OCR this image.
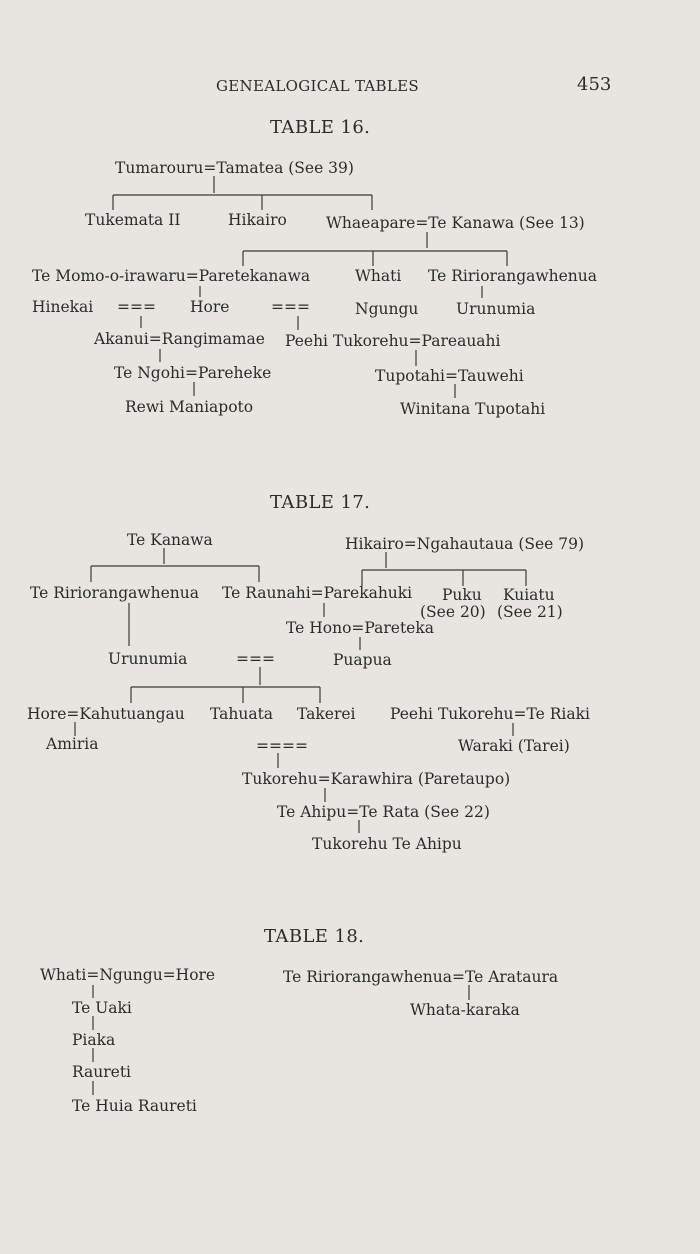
GENEALOGICAL TABLES	453
TABLE 16.
Tumarouru=Tamatea (See 39)
Tukemata II	Hikairo	Whaeapare=Te Kanawa (See 13)
Te Momo-o-irawaru=Paretekanawa	Whati Te Ririorangawhenua
Hinekai === Hore	===	Ngungu Urunumia
Akanui=Rangimamae Peehi Tukorehu=Pareauahi
Te Ngohi=Pareheke	Tupotahi=Tauwehi
Rewi Maniapoto	Winitana Tupotahi
TABLE 17.
Te Kanawa	Hikairo=Ngahautaua (See 79)
Te Ririorangawhenua Te Raunahi=Parekahuki Puku Kuiatu
(See 20) (See 21)
Te Hono=Pareteka
Urunumia	===	Puapua
Hore=Kahutuangau Tahuata Takerei Peehi Tukorehu=Te Riaki
Amiria	====	Waraki (Tarei)
Tukorehu=Karawhira (Paretaupo)
Te Ahipu=Te Rata (See 22)
Tukorehu Te Ahipu
TABLE 18.
Whati=Ngungu=Hore
Te Uaki
Piaka
Raureti
Te Huia Raureti
Te Ririorangawhenua=Te Arataura
Whata-karaka
